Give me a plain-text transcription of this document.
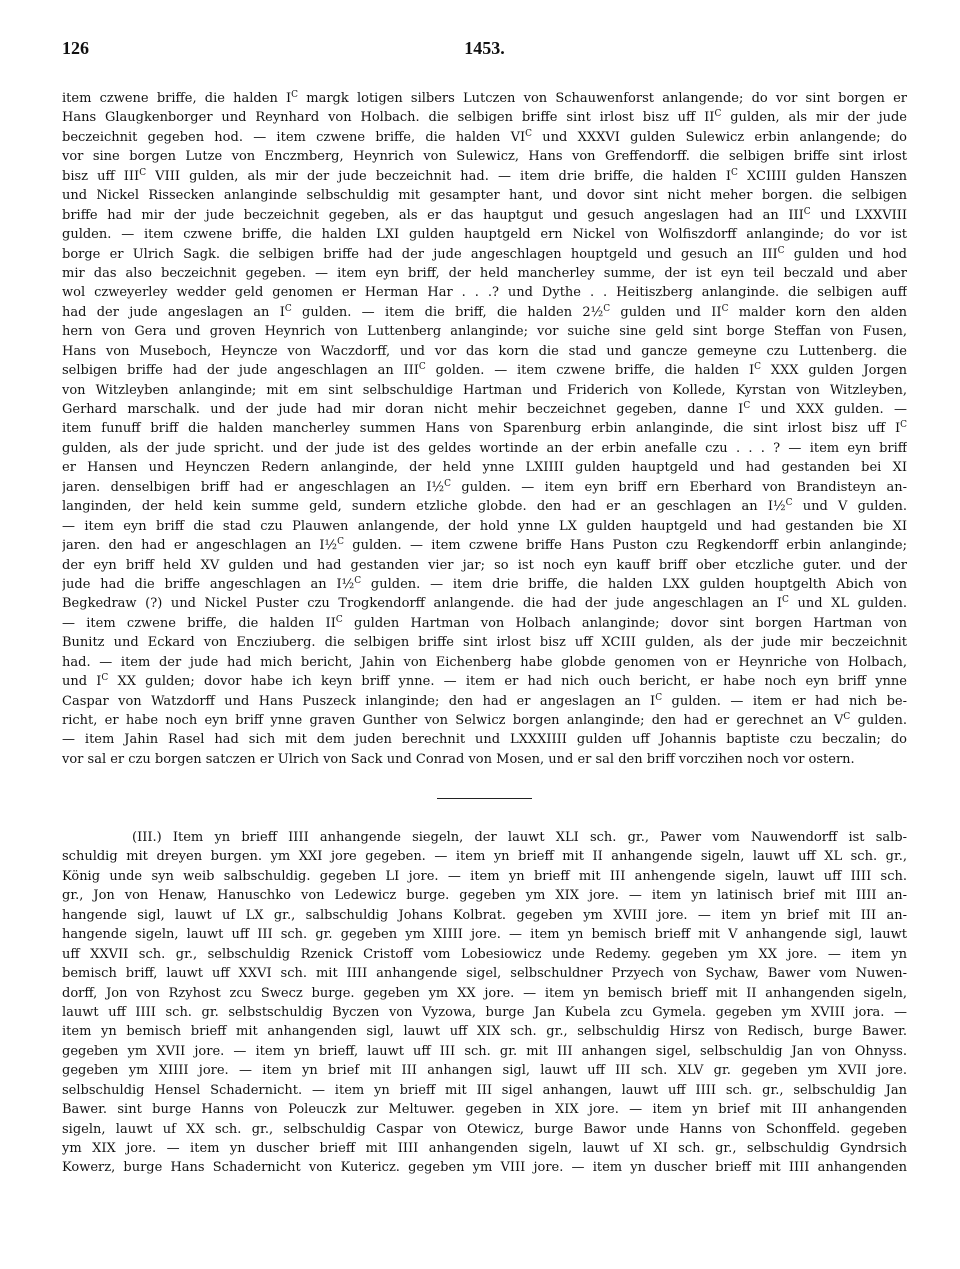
126	1453.
item czwene briffe, die halden $I^C$ margk lotigen silbers Lutczen von Schauwenforst anlangende; do vor sint borgen er
Hans Glaugkenborger und Reynhard von Holbach. die selbigen briffe sint irlost bisz uff $II^C$ gulden, als mir der jude
beczeichnit gegeben hod. — item czwene briffe, die halden $VI^C$ und XXXVI gulden Sulewicz erbin anlangende; do
vor sine borgen Lutze von Enczmberg, Heynrich von Sulewicz, Hans von Greffendorff. die selbigen briffe sint irlost
bisz uff $III^C$ VIII gulden, als mir der jude beczeichnit had. — item drie briffe, die halden $I^C$ XCIIII gulden Hanszen
und Nickel Rissecken anlanginde selbschuldig mit gesampter hant, und dovor sint nicht meher borgen. die selbigen
briffe had mir der jude beczeichnit gegeben, als er das hauptgut und gesuch angeslagen had an $III^C$ und LXXVIII
gulden. — item czwene briffe, die halden LXI gulden hauptgeld ern Nickel von Wolfiszdorff anlanginde; do vor ist
borge er Ulrich Sagk. die selbigen briffe had der jude angeschlagen houptgeld und gesuch an $III^C$ gulden und hod
mir das also beczeichnit gegeben. — item eyn briff, der held mancherley summe, der ist eyn teil beczald und aber
wol czweyerley wedder geld genomen er Herman Har . . .? und Dythe . . Heitiszberg anlanginde. die selbigen auff
had der jude angeslagen an $I^C$ gulden. — item die briff, die halden 2½$^C$ gulden und $II^C$ malder korn den alden
hern von Gera und groven Heynrich von Luttenberg anlanginde; vor suiche sine geld sint borge Steffan von Fusen,
Hans von Museboch, Heyncze von Waczdorff, und vor das korn die stad und gancze gemeyne czu Luttenberg. die
selbigen briffe had der jude angeschlagen an $III^C$ golden. — item czwene briffe, die halden $I^C$ XXX gulden Jorgen
von Witzleyben anlanginde; mit em sint selbschuldige Hartman und Friderich von Kollede, Kyrstan von Witzleyben,
Gerhard marschalk. und der jude had mir doran nicht mehir beczeichnet gegeben, danne $I^C$ und XXX gulden. —
item funuff briff die halden mancherley summen Hans von Sparenburg erbin anlanginde, die sint irlost bisz uff $I^C$
gulden, als der jude spricht. und der jude ist des geldes wortinde an der erbin anefalle czu . . . ? — item eyn briff
er Hansen und Heynczen Redern anlanginde, der held ynne LXIIII gulden hauptgeld und had gestanden bei XI
jaren. denselbigen briff had er angeschlagen an I½$^C$ gulden. — item eyn briff ern Eberhard von Brandisteyn an-
langinden, der held kein summe geld, sundern etzliche globde. den had er an geschlagen an I½$^C$ und V gulden.
— item eyn briff die stad czu Plauwen anlangende, der hold ynne LX gulden hauptgeld und had gestanden bie XI
jaren. den had er angeschlagen an I½$^C$ gulden. — item czwene briffe Hans Puston czu Regkendorff erbin anlanginde;
der eyn briff held XV gulden und had gestanden vier jar; so ist noch eyn kauff briff ober etczliche guter. und der
jude had die briffe angeschlagen an I½$^C$ gulden. — item drie briffe, die halden LXX gulden houptgelth Abich von
Begkedraw (?) und Nickel Puster czu Trogkendorff anlangende. die had der jude angeschlagen an $I^C$ und XL gulden.
— item czwene briffe, die halden $II^C$ gulden Hartman von Holbach anlanginde; dovor sint borgen Hartman von
Bunitz und Eckard von Encziuberg. die selbigen briffe sint irlost bisz uff XCIII gulden, als der jude mir beczeichnit
had. — item der jude had mich bericht, Jahin von Eichenberg habe globde genomen von er Heynriche von Holbach,
und $I^C$ XX gulden; dovor habe ich keyn briff ynne. — item er had nich ouch bericht, er habe noch eyn briff ynne
Caspar von Watzdorff und Hans Puszeck inlanginde; den had er angeslagen an $I^C$ gulden. — item er had nich be-
richt, er habe noch eyn briff ynne graven Gunther von Selwicz borgen anlanginde; den had er gerechnet an $V^C$ gulden.
— item Jahin Rasel had sich mit dem juden berechnit und LXXXIIII gulden uff Johannis baptiste czu beczalin; do
vor sal er czu borgen satczen er Ulrich von Sack und Conrad von Mosen, und er sal den briff vorczihen noch vor ostern.
(III.) Item yn brieff IIII anhangende siegeln, der lauwt XLI sch. gr., Pawer vom Nauwendorff ist salb-
schuldig mit dreyen burgen. ym XXI jore gegeben. — item yn brieff mit II anhangende sigeln, lauwt uff XL sch. gr.,
König unde syn weib salbschuldig. gegeben LI jore. — item yn brieff mit III anhengende sigeln, lauwt uff IIII sch.
gr., Jon von Henaw, Hanuschko von Ledewicz burge. gegeben ym XIX jore. — item yn latinisch brief mit IIII an-
hangende sigl, lauwt uf LX gr., salbschuldig Johans Kolbrat. gegeben ym XVIII jore. — item yn brief mit III an-
hangende sigeln, lauwt uff III sch. gr. gegeben ym XIIII jore. — item yn bemisch brieff mit V anhangende sigl, lauwt
uff XXVII sch. gr., selbschuldig Rzenick Cristoff vom Lobesiowicz unde Redemy. gegeben ym XX jore. — item yn
bemisch briff, lauwt uff XXVI sch. mit IIII anhangende sigel, selbschuldner Przyech von Sychaw, Bawer vom Nuwen-
dorff, Jon von Rzyhost zcu Swecz burge. gegeben ym XX jore. — item yn bemisch brieff mit II anhangenden sigeln,
lauwt uff IIII sch. gr. selbstschuldig Byczen von Vyzowa, burge Jan Kubela zcu Gymela. gegeben ym XVIII jora. —
item yn bemisch brieff mit anhangenden sigl, lauwt uff XIX sch. gr., selbschuldig Hirsz von Redisch, burge Bawer.
gegeben ym XVII jore. — item yn brieff, lauwt uff III sch. gr. mit III anhangen sigel, selbschuldig Jan von Ohnyss.
gegeben ym XIIII jore. — item yn brief mit III anhangen sigl, lauwt uff III sch. XLV gr. gegeben ym XVII jore.
selbschuldig Hensel Schadernicht. — item yn brieff mit III sigel anhangen, lauwt uff IIII sch. gr., selbschuldig Jan
Bawer. sint burge Hanns von Poleuczk zur Meltuwer. gegeben in XIX jore. — item yn brief mit III anhangenden
sigeln, lauwt uf XX sch. gr., selbschuldig Caspar von Otewicz, burge Bawor unde Hanns von Schonffeld. gegeben
ym XIX jore. — item yn duscher brieff mit IIII anhangenden sigeln, lauwt uf XI sch. gr., selbschuldig Gyndrsich
Kowerz, burge Hans Schadernicht von Kutericz. gegeben ym VIII jore. — item yn duscher brieff mit IIII anhangenden
